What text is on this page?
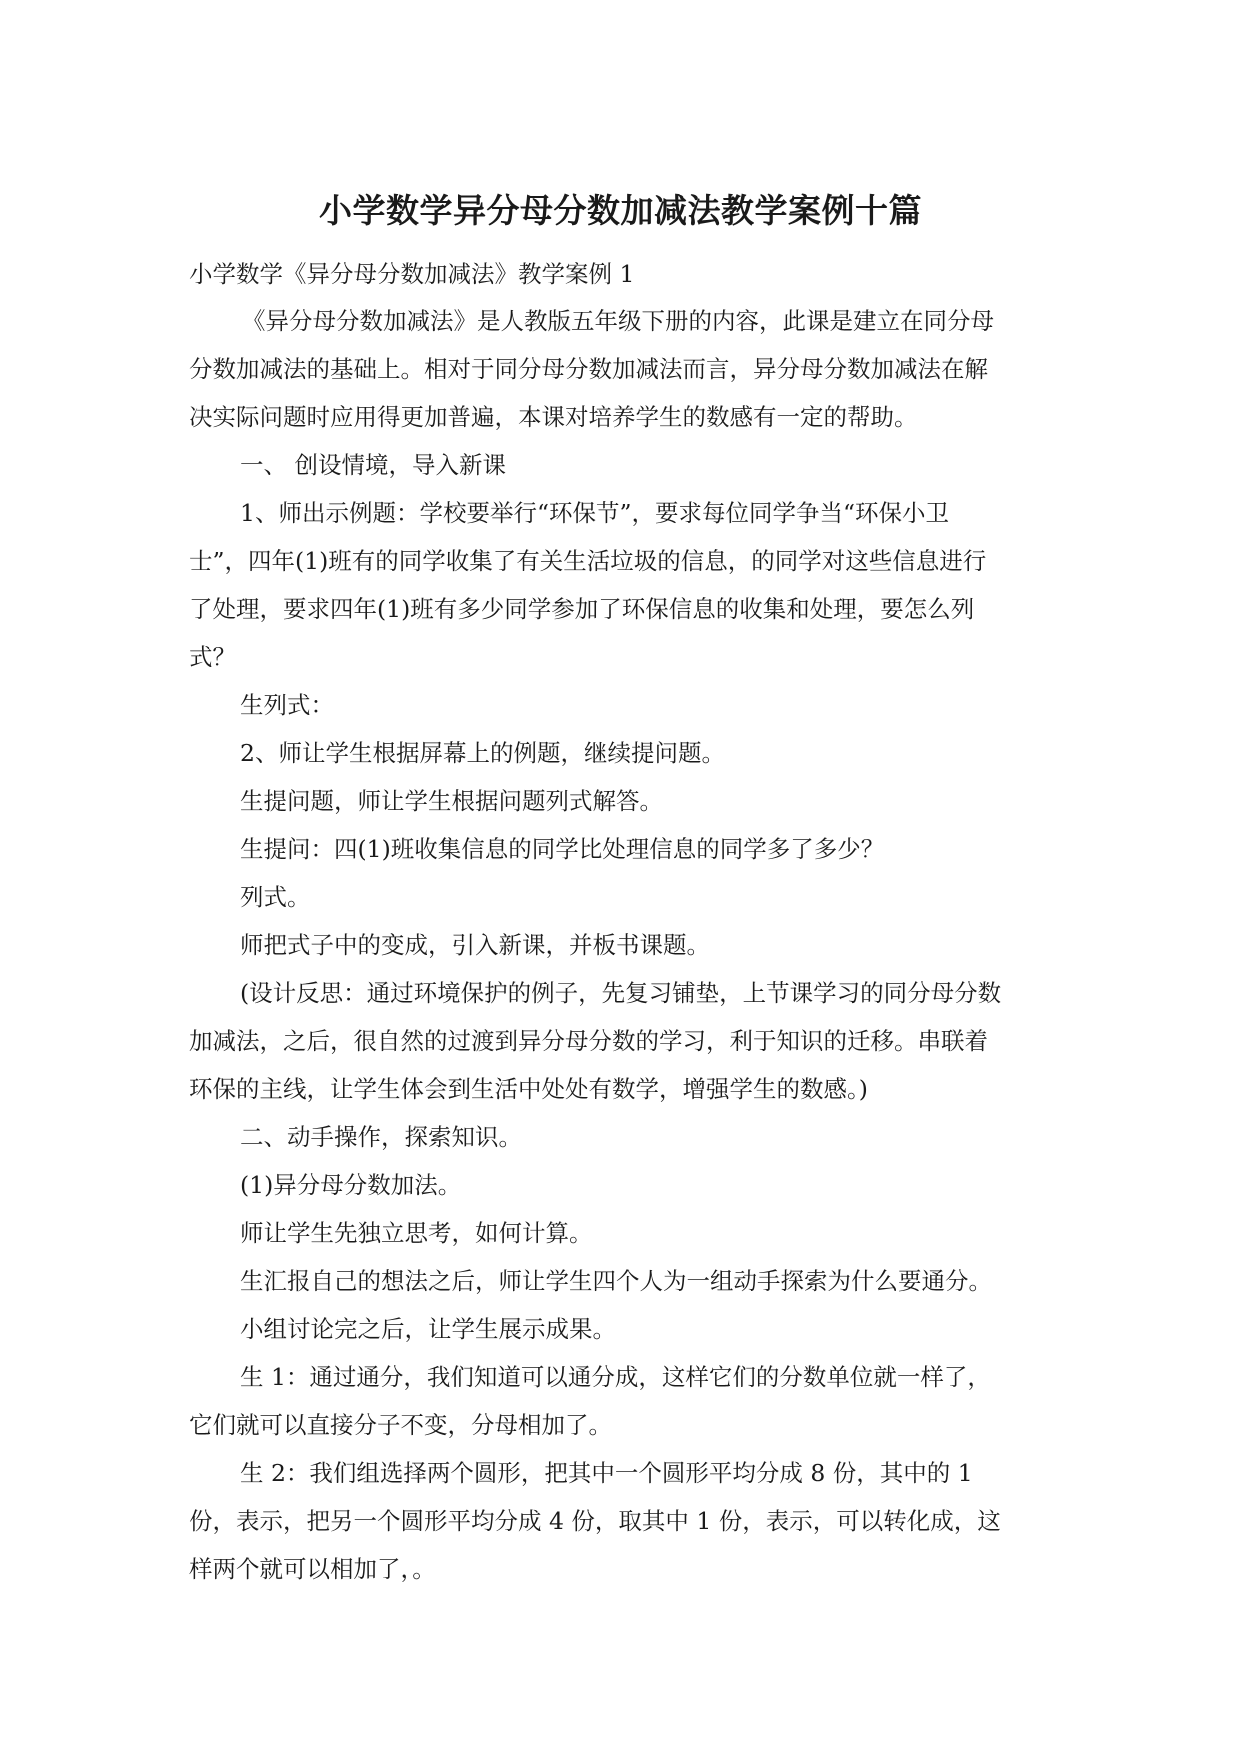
小学数学异分母分数加减法教学案例十篇
小学数学《异分母分数加减法》教学案例 1
《异分母分数加减法》是人教版五年级下册的内容，此课是建立在同分母
分数加减法的基础上。相对于同分母分数加减法而言，异分母分数加减法在解
决实际问题时应用得更加普遍，本课对培养学生的数感有一定的帮助。
一、 创设情境，导入新课
1、师出示例题：学校要举行“环保节”，要求每位同学争当“环保小卫
士”，四年(1)班有的同学收集了有关生活垃圾的信息，的同学对这些信息进行
了处理，要求四年(1)班有多少同学参加了环保信息的收集和处理，要怎么列
式？
生列式：
2、师让学生根据屏幕上的例题，继续提问题。
生提问题，师让学生根据问题列式解答。
生提问：四(1)班收集信息的同学比处理信息的同学多了多少？
列式。
师把式子中的变成，引入新课，并板书课题。
(设计反思：通过环境保护的例子，先复习铺垫，上节课学习的同分母分数
加减法，之后，很自然的过渡到异分母分数的学习，利于知识的迁移。串联着
环保的主线，让学生体会到生活中处处有数学，增强学生的数感。)
二、动手操作，探索知识。
(1)异分母分数加法。
师让学生先独立思考，如何计算。
生汇报自己的想法之后，师让学生四个人为一组动手探索为什么要通分。
小组讨论完之后，让学生展示成果。
生 1：通过通分，我们知道可以通分成，这样它们的分数单位就一样了，
它们就可以直接分子不变，分母相加了。
生 2：我们组选择两个圆形，把其中一个圆形平均分成 8 份，其中的 1
份，表示，把另一个圆形平均分成 4 份，取其中 1 份，表示，可以转化成，这
样两个就可以相加了，。
